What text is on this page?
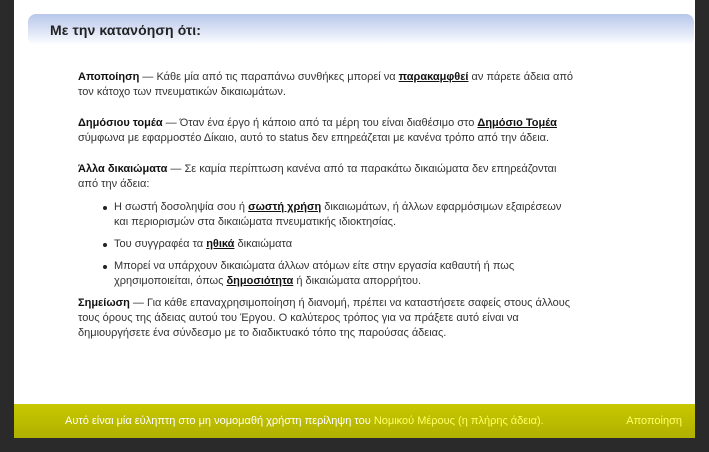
Με την κατανόηση ότι:

Αποποίηση — Κάθε μία από τις παραπάνω συνθήκες μπορεί να παρακαμφθεί αν πάρετε άδεια από τον κάτοχο των πνευματικών δικαιωμάτων.

Δημόσιου τομέα — Όταν ένα έργο ή κάποιο από τα μέρη του είναι διαθέσιμο στο Δημόσιο Τομέα σύμφωνα με εφαρμοστέο Δίκαιο, αυτό το status δεν επηρεάζεται με κανένα τρόπο από την άδεια.

Άλλα δικαιώματα — Σε καμία περίπτωση κανένα από τα παρακάτω δικαιώματα δεν επηρεάζονται από την άδεια:

Η σωστή δοσοληψία σου ή σωστή χρήση δικαιωμάτων, ή άλλων εφαρμόσιμων εξαιρέσεων και περιορισμών στα δικαιώματα πνευματικής ιδιοκτησίας.
Του συγγραφέα τα ηθικά δικαιώματα
Μπορεί να υπάρχουν δικαιώματα άλλων ατόμων είτε στην εργασία καθαυτή ή πως χρησιμοποιείται, όπως δημοσιότητα ή δικαιώματα απορρήτου.

Σημείωση — Για κάθε επαναχρησιμοποίηση ή διανομή, πρέπει να καταστήσετε σαφείς στους άλλους τους όρους της άδειας αυτού του Έργου. Ο καλύτερος τρόπος για να πράξετε αυτό είναι να δημιουργήσετε ένα σύνδεσμο με το διαδικτυακό τόπο της παρούσας άδειας.

Αυτό είναι μία εύληπτη στο μη νομομαθή χρήστη περίληψη του Νομικού Μέρους (η πλήρης άδεια).	Αποποίηση
